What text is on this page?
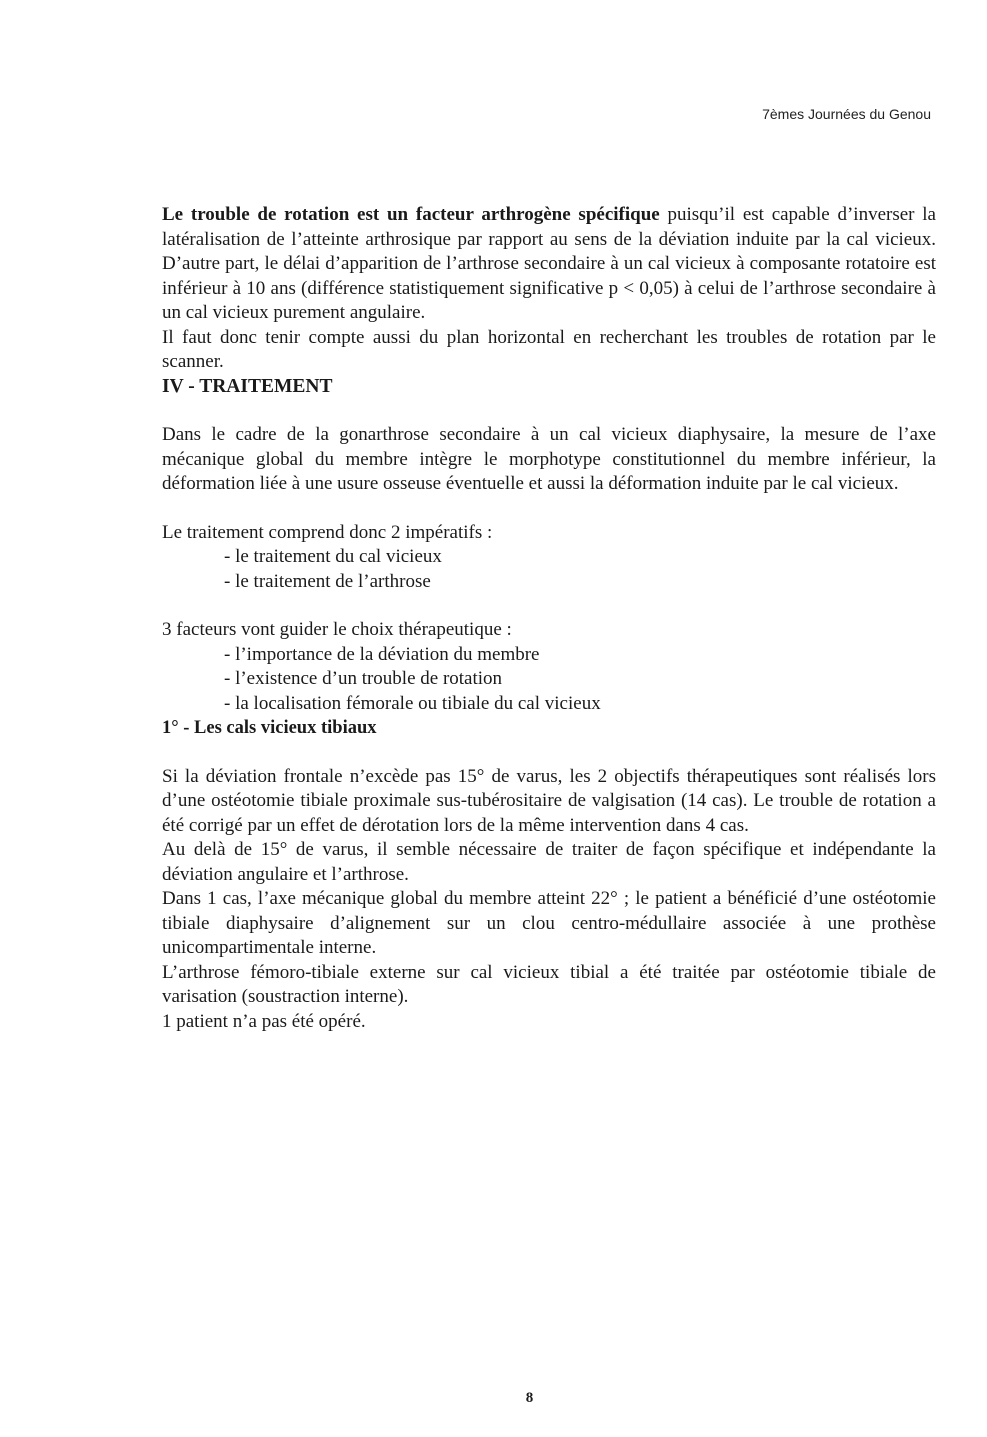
7èmes Journées du Genou

Le trouble de rotation est un facteur arthrogène spécifique puisqu’il est capable d’inverser la latéralisation de l’atteinte arthrosique par rapport au sens de la déviation induite par la cal vicieux. D’autre part, le délai d’apparition de l’arthrose secondaire à un cal vicieux à composante rotatoire est inférieur à 10 ans (différence statistiquement significative p < 0,05) à celui de l’arthrose secondaire à un cal vicieux purement angulaire.

Il faut donc tenir compte aussi du plan horizontal en recherchant les troubles de rotation par le scanner.

IV - TRAITEMENT

Dans le cadre de la gonarthrose secondaire à un cal vicieux diaphysaire, la mesure de l’axe mécanique global du membre intègre le morphotype constitutionnel du membre inférieur, la déformation liée à une usure osseuse éventuelle et aussi la déformation induite par le cal vicieux.

Le traitement comprend donc 2 impératifs :

- le traitement du cal vicieux
- le traitement de l’arthrose

3 facteurs vont guider le choix thérapeutique :

- l’importance de la déviation du membre
- l’existence d’un trouble de rotation
- la localisation fémorale ou tibiale du cal vicieux
1° - Les cals vicieux tibiaux

Si la déviation frontale n’excède pas 15° de varus, les 2 objectifs thérapeutiques sont réalisés lors d’une ostéotomie tibiale proximale sus-tubérositaire de valgisation (14 cas). Le trouble de rotation a été corrigé par un effet de dérotation lors de la même intervention dans 4 cas.

Au delà de 15° de varus, il semble nécessaire de traiter de façon spécifique et indépendante la déviation angulaire et l’arthrose.

Dans 1 cas, l’axe mécanique global du membre atteint 22° ; le patient a bénéficié d’une ostéotomie tibiale diaphysaire d’alignement sur un clou centro-médullaire associée à une prothèse unicompartimentale interne.

L’arthrose fémoro-tibiale externe sur cal vicieux tibial a été traitée par ostéotomie tibiale de varisation (soustraction interne).

1 patient n’a pas été opéré.

8
